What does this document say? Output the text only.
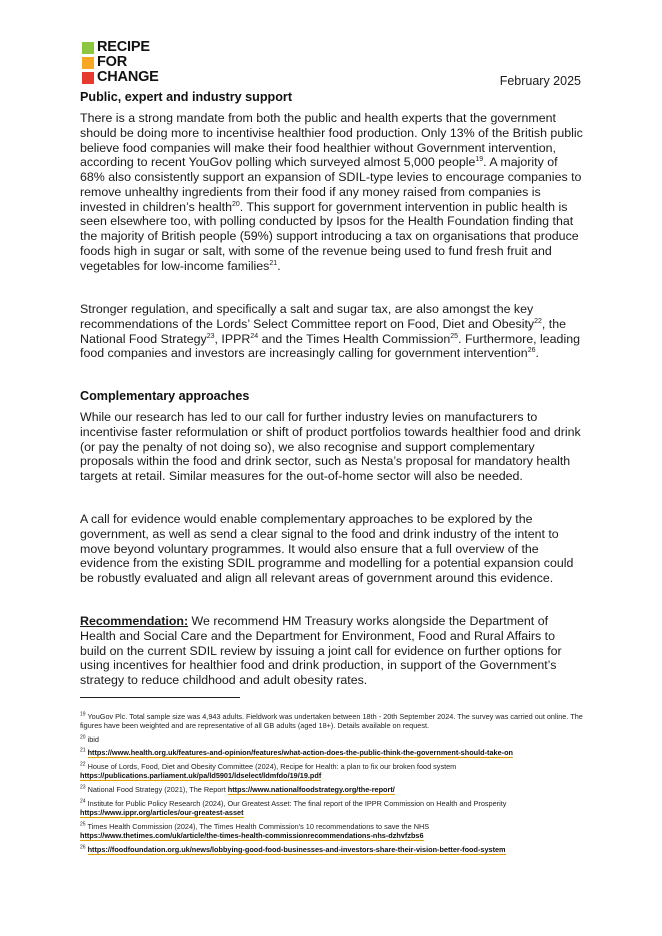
RECIPE
FOR
CHANGE	February 2025
Public, expert and industry support
There is a strong mandate from both the public and health experts that the government should be doing more to incentivise healthier food production. Only 13% of the British public believe food companies will make their food healthier without Government intervention, according to recent YouGov polling which surveyed almost 5,000 people$^{19}$. A majority of 68% also consistently support an expansion of SDIL-type levies to encourage companies to remove unhealthy ingredients from their food if any money raised from companies is invested in children’s health$^{20}$. This support for government intervention in public health is seen elsewhere too, with polling conducted by Ipsos for the Health Foundation finding that the majority of British people (59%) support introducing a tax on organisations that produce foods high in sugar or salt, with some of the revenue being used to fund fresh fruit and vegetables for low-income families$^{21}$.
Stronger regulation, and specifically a salt and sugar tax, are also amongst the key recommendations of the Lords’ Select Committee report on Food, Diet and Obesity$^{22}$, the National Food Strategy$^{23}$, IPPR$^{24}$ and the Times Health Commission$^{25}$. Furthermore, leading food companies and investors are increasingly calling for government intervention$^{26}$.
Complementary approaches
While our research has led to our call for further industry levies on manufacturers to incentivise faster reformulation or shift of product portfolios towards healthier food and drink (or pay the penalty of not doing so), we also recognise and support complementary proposals within the food and drink sector, such as Nesta’s proposal for mandatory health targets at retail. Similar measures for the out-of-home sector will also be needed.
A call for evidence would enable complementary approaches to be explored by the government, as well as send a clear signal to the food and drink industry of the intent to move beyond voluntary programmes. It would also ensure that a full overview of the evidence from the existing SDIL programme and modelling for a potential expansion could be robustly evaluated and align all relevant areas of government around this evidence.
Recommendation: We recommend HM Treasury works alongside the Department of Health and Social Care and the Department for Environment, Food and Rural Affairs to build on the current SDIL review by issuing a joint call for evidence on further options for using incentives for healthier food and drink production, in support of the Government’s strategy to reduce childhood and adult obesity rates.
$^{19}$ YouGov Plc. Total sample size was 4,943 adults. Fieldwork was undertaken between 18th - 20th September 2024. The survey was carried out online. The figures have been weighted and are representative of all GB adults (aged 18+). Details available on request.
$^{20}$ ibid
$^{21}$ https://www.health.org.uk/features-and-opinion/features/what-action-does-the-public-think-the-government-should-take-on
$^{22}$ House of Lords, Food, Diet and Obesity Committee (2024), Recipe for Health: a plan to fix our broken food system
https://publications.parliament.uk/pa/ld5901/ldselect/ldmfdo/19/19.pdf
$^{23}$ National Food Strategy (2021), The Report https://www.nationalfoodstrategy.org/the-report/
$^{24}$ Institute for Public Policy Research (2024), Our Greatest Asset: The final report of the IPPR Commission on Health and Prosperity
https://www.ippr.org/articles/our-greatest-asset
$^{25}$ Times Health Commission (2024), The Times Health Commission's 10 recommendations to save the NHS
https://www.thetimes.com/uk/article/the-times-health-commissionrecommendations-nhs-dzhvfzbs6
$^{26}$ https://foodfoundation.org.uk/news/lobbying-good-food-businesses-and-investors-share-their-vision-better-food-system
